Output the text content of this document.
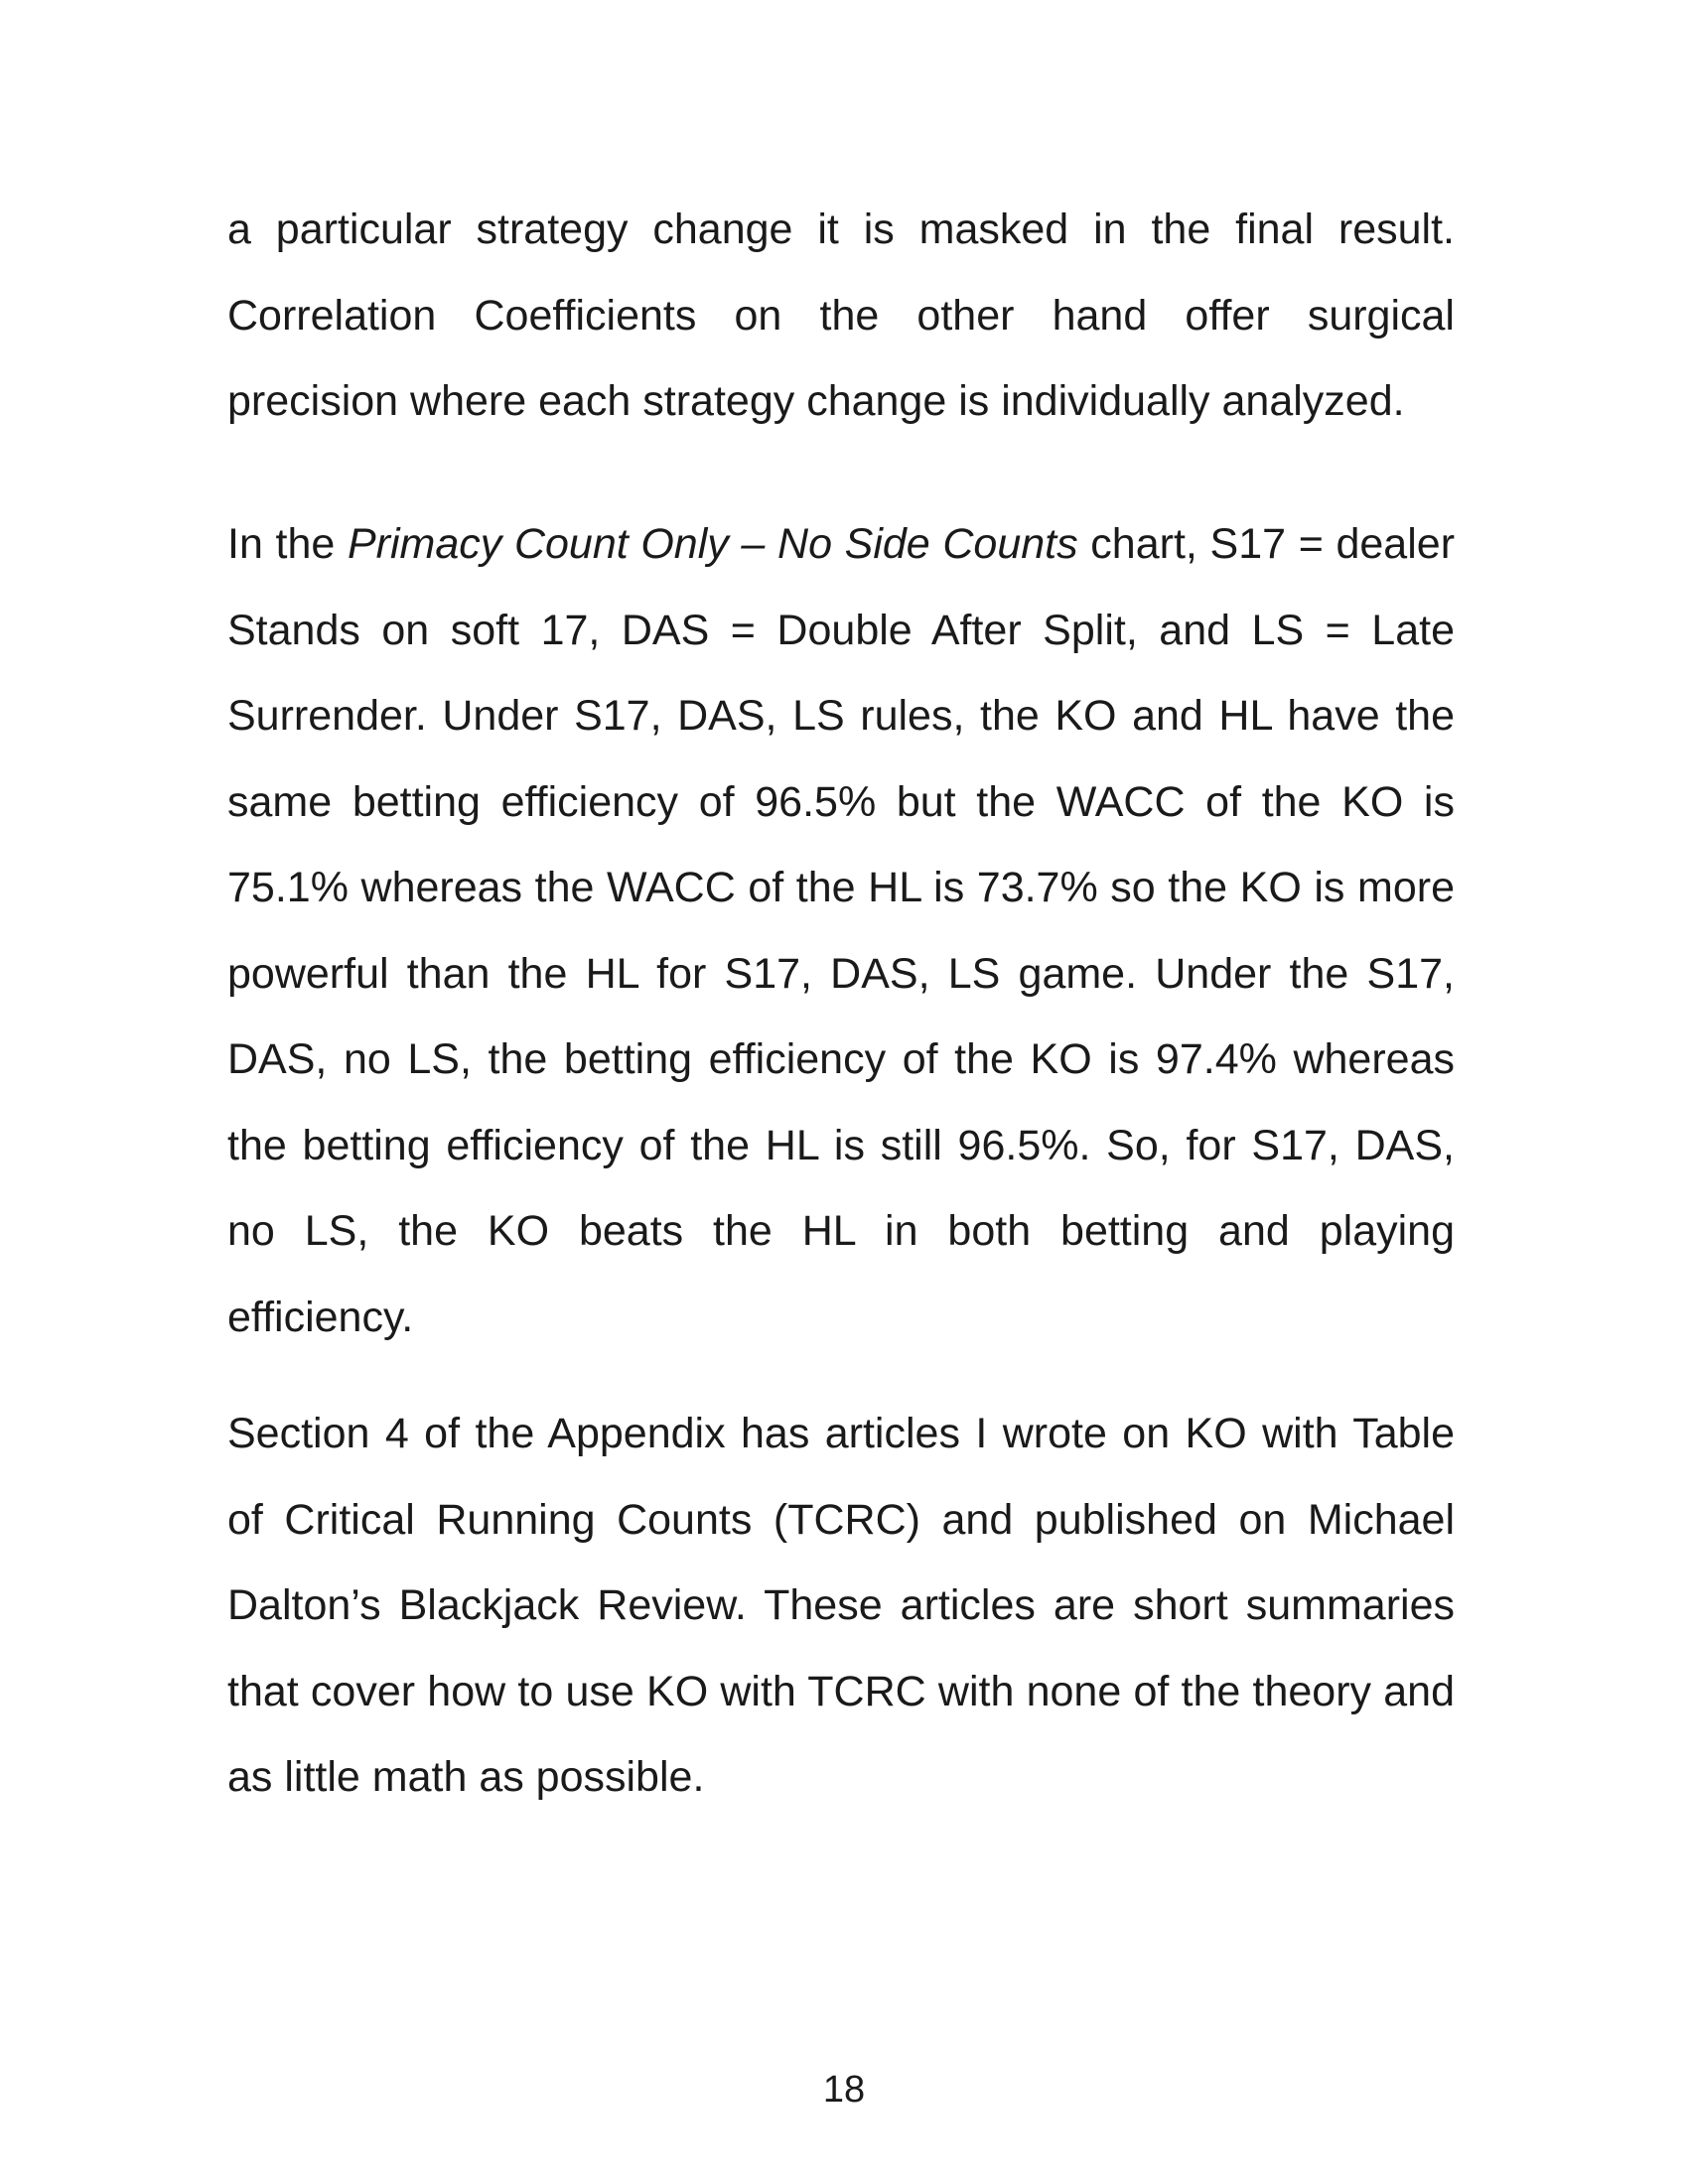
a particular strategy change it is masked in the final result. Correlation Coefficients on the other hand offer surgical precision where each strategy change is individually analyzed.

In the Primacy Count Only – No Side Counts chart, S17 = dealer Stands on soft 17, DAS = Double After Split, and LS = Late Surrender. Under S17, DAS, LS rules, the KO and HL have the same betting efficiency of 96.5% but the WACC of the KO is 75.1% whereas the WACC of the HL is 73.7% so the KO is more powerful than the HL for S17, DAS, LS game. Under the S17, DAS, no LS, the betting efficiency of the KO is 97.4% whereas the betting efficiency of the HL is still 96.5%. So, for S17, DAS, no LS, the KO beats the HL in both betting and playing efficiency.

Section 4 of the Appendix has articles I wrote on KO with Table of Critical Running Counts (TCRC) and published on Michael Dalton’s Blackjack Review. These articles are short summaries that cover how to use KO with TCRC with none of the theory and as little math as possible.

18
